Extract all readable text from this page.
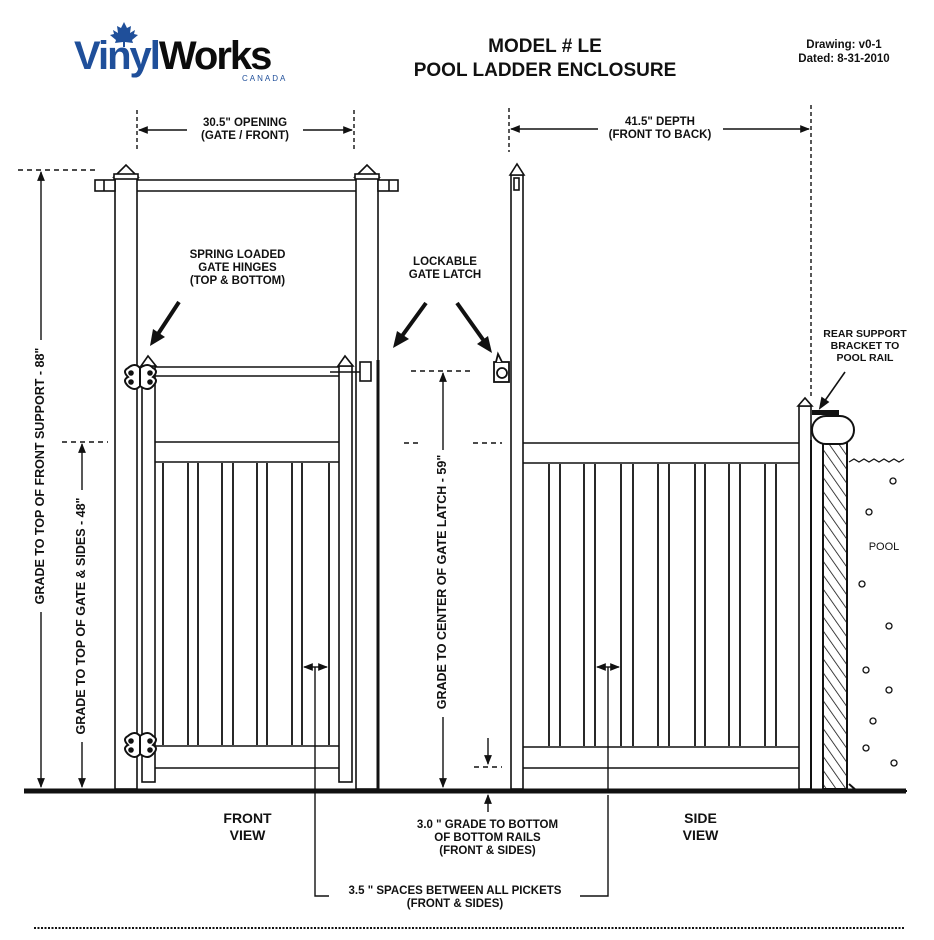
VinylWorks
CANADA
MODEL # LE
POOL LADDER ENCLOSURE
Drawing: v0-1
Dated: 8-31-2010
30.5" OPENING
(GATE / FRONT)
41.5" DEPTH
(FRONT TO BACK)
GRADE TO TOP OF FRONT SUPPORT - 88"
GRADE TO TOP OF GATE & SIDES - 48"	GRADE TO CENTER OF GATE LATCH - 59"
3.0 " GRADE TO BOTTOM
OF BOTTOM RAILS
(FRONT & SIDES)
3.5 " SPACES BETWEEN ALL PICKETS
(FRONT & SIDES)
SPRING LOADED
GATE HINGES
(TOP & BOTTOM)
LOCKABLE
GATE LATCH
REAR SUPPORT
BRACKET TO
POOL RAIL
POOL
FRONT
VIEW
SIDE
VIEW
